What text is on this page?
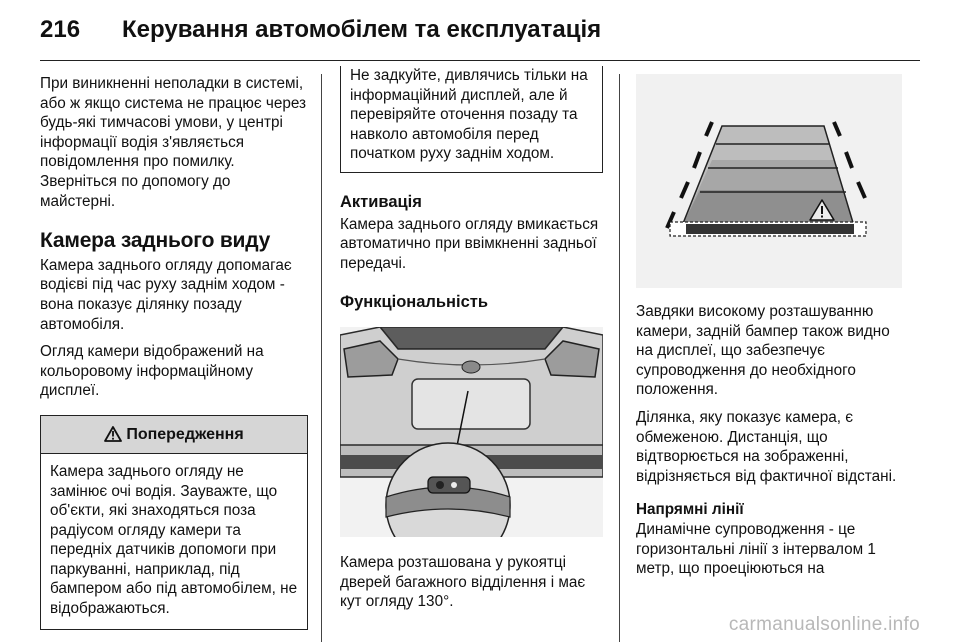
216 Керування автомобілем та експлуатація

При виникненні неполадки в системі, або ж якщо система не працює через будь-які тимчасові умови, у центрі інформації водія з'являється повідомлення про помилку. Зверніться по допомогу до майстерні.

Камера заднього виду

Камера заднього огляду допомагає водієві під час руху заднім ходом - вона показує ділянку позаду автомобіля.

Огляд камери відображений на кольоровому інформаційному дисплеї.

Попередження
Камера заднього огляду не замінює очі водія. Зауважте, що об'єкти, які знаходяться поза радіусом огляду камери та передніх датчиків допомоги при паркуванні, наприклад, під бампером або під автомобілем, не відображаються.

Не задкуйте, дивлячись тільки на інформаційний дисплей, але й перевіряйте оточення позаду та навколо автомобіля перед початком руху заднім ходом.

Активація

Камера заднього огляду вмикається автоматично при ввімкненні задньої передачі.

Функціональність

Камера розташована у рукоятці дверей багажного відділення і має кут огляду 130°.

Завдяки високому розташуванню камери, задній бампер також видно на дисплеї, що забезпечує супроводження до необхідного положення.

Ділянка, яку показує камера, є обмеженою. Дистанція, що відтворюється на зображенні, відрізняється від фактичної відстані.

Напрямні лінії

Динамічне супроводження - це горизонтальні лінії з інтервалом 1 метр, що проеціюються на

carmanualsonline.info
